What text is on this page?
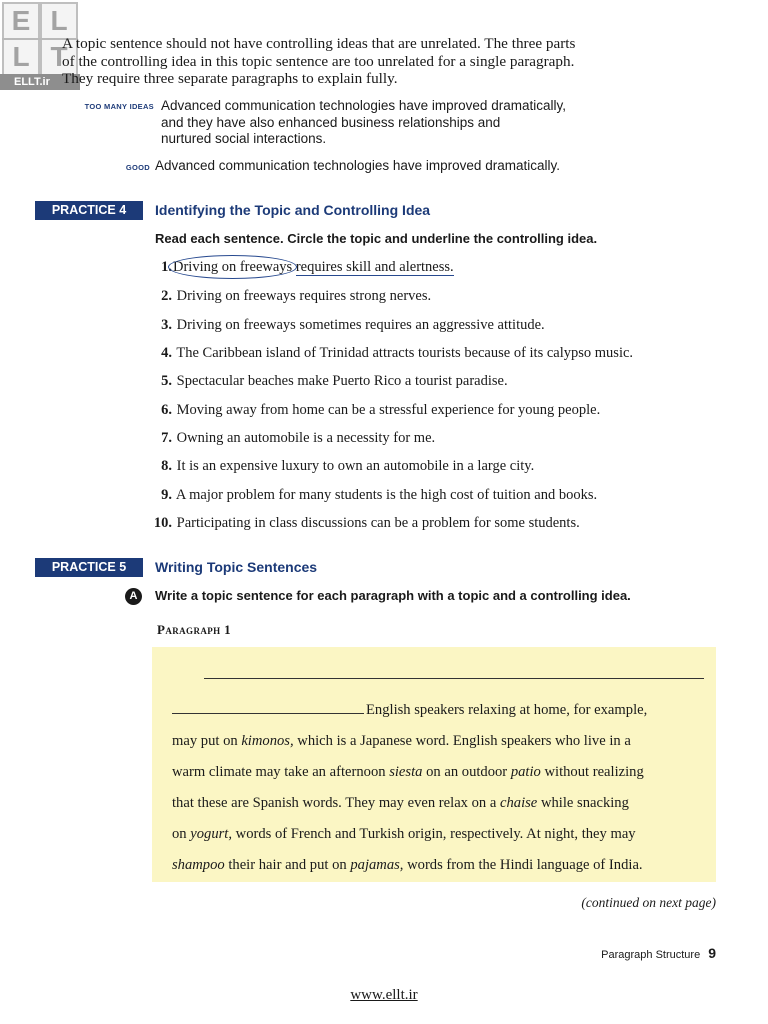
E L
L T
ELLT.ir
A topic sentence should not have controlling ideas that are unrelated. The three parts
of the controlling idea in this topic sentence are too unrelated for a single paragraph.
They require three separate paragraphs to explain fully.
TOO MANY IDEAS Advanced communication technologies have improved dramatically,
and they have also enhanced business relationships and
nurtured social interactions.
GOOD Advanced communication technologies have improved dramatically.
PRACTICE 4	Identifying the Topic and Controlling Idea
Read each sentence. Circle the topic and underline the controlling idea.
1.Driving on freeways requires skill and alertness.
2. Driving on freeways requires strong nerves.
3. Driving on freeways sometimes requires an aggressive attitude.
4. The Caribbean island of Trinidad attracts tourists because of its calypso music.
5. Spectacular beaches make Puerto Rico a tourist paradise.
6. Moving away from home can be a stressful experience for young people.
7. Owning an automobile is a necessity for me.
8. It is an expensive luxury to own an automobile in a large city.
9. A major problem for many students is the high cost of tuition and books.
10. Participating in class discussions can be a problem for some students.
PRACTICE 5	Writing Topic Sentences
A	Write a topic sentence for each paragraph with a topic and a controlling idea.
Paragraph 1
English speakers relaxing at home, for example,
may put on kimonos, which is a Japanese word. English speakers who live in a
warm climate may take an afternoon siesta on an outdoor patio without realizing
that these are Spanish words. They may even relax on a chaise while snacking
on yogurt, words of French and Turkish origin, respectively. At night, they may
shampoo their hair and put on pajamas, words from the Hindi language of India.
(continued on next page)
Paragraph Structure 9
www.ellt.ir
